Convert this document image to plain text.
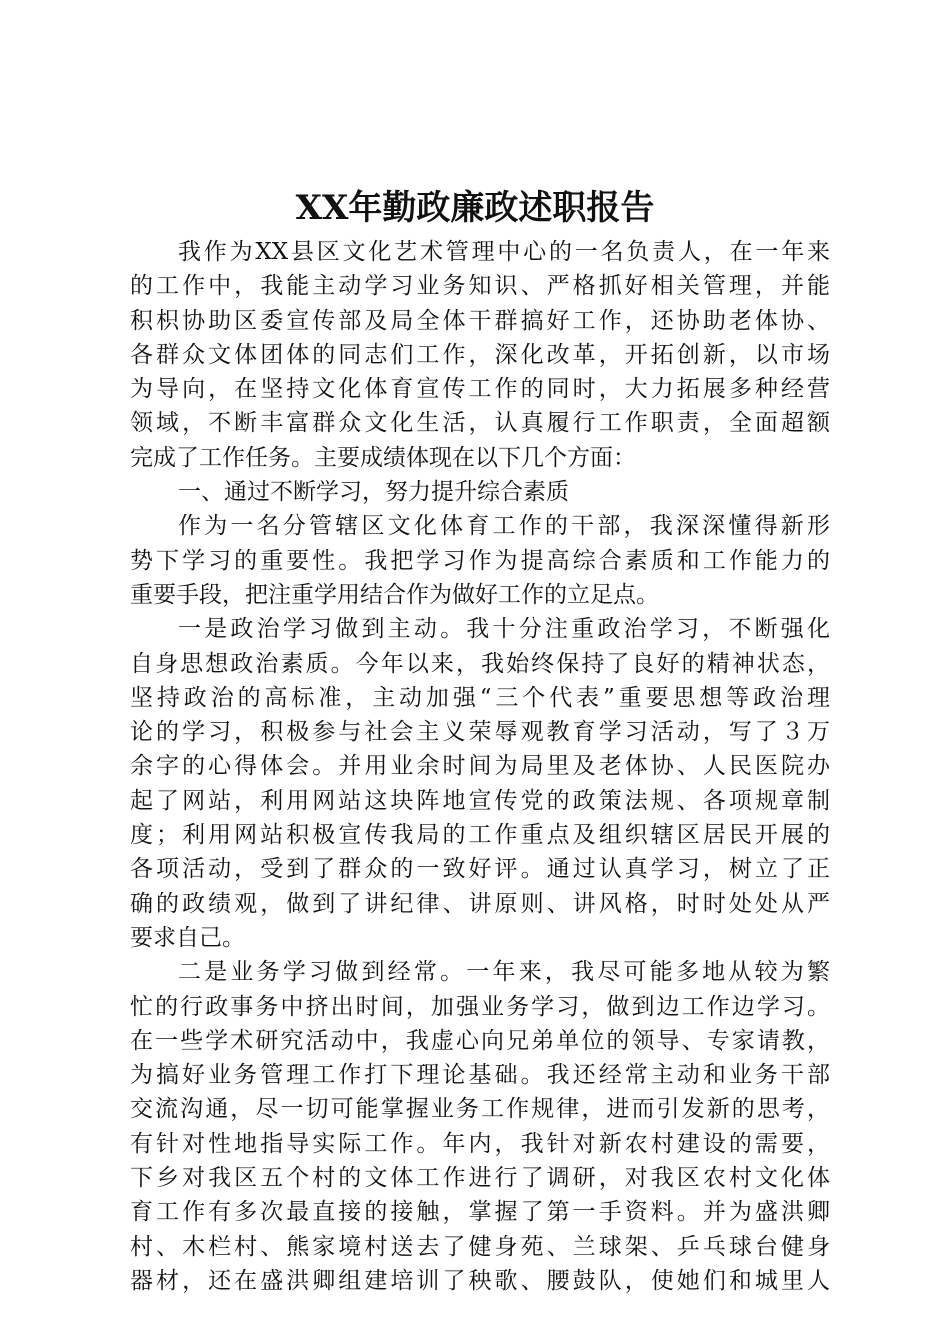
XX年勤政廉政述职报告
我作为XX县区文化艺术管理中心的一名负责人，在一年来
的工作中，我能主动学习业务知识、严格抓好相关管理，并能
积枳协助区委宣传部及局全体干群搞好工作，还协助老体协、
各群众文体团体的同志们工作，深化改革，开拓创新，以市场
为导向，在坚持文化体育宣传工作的同时，大力拓展多种经营
领域，不断丰富群众文化生活，认真履行工作职责，全面超额
完成了工作任务。主要成绩体现在以下几个方面：
一、通过不断学习，努力提升综合素质
作为一名分管辖区文化体育工作的干部，我深深懂得新形
势下学习的重要性。我把学习作为提高综合素质和工作能力的
重要手段，把注重学用结合作为做好工作的立足点。
一是政治学习做到主动。我十分注重政治学习，不断强化
自身思想政治素质。今年以来，我始终保持了良好的精神状态，
坚持政治的高标准，主动加强“三个代表”重要思想等政治理
论的学习，积极参与社会主义荣辱观教育学习活动，写了３万
余字的心得体会。并用业余时间为局里及老体协、人民医院办
起了网站，利用网站这块阵地宣传党的政策法规、各项规章制
度；利用网站积极宣传我局的工作重点及组织辖区居民开展的
各项活动，受到了群众的一致好评。通过认真学习，树立了正
确的政绩观，做到了讲纪律、讲原则、讲风格，时时处处从严
要求自己。
二是业务学习做到经常。一年来，我尽可能多地从较为繁
忙的行政事务中挤出时间，加强业务学习，做到边工作边学习。
在一些学术研究活动中，我虚心向兄弟单位的领导、专家请教，
为搞好业务管理工作打下理论基础。我还经常主动和业务干部
交流沟通，尽一切可能掌握业务工作规律，进而引发新的思考，
有针对性地指导实际工作。年内，我针对新农村建设的需要，
下乡对我区五个村的文体工作进行了调研，对我区农村文化体
育工作有多次最直接的接触，掌握了第一手资料。并为盛洪卿
村、木栏村、熊家境村送去了健身苑、兰球架、乒乓球台健身
器材，还在盛洪卿组建培训了秧歌、腰鼓队，使她们和城里人
